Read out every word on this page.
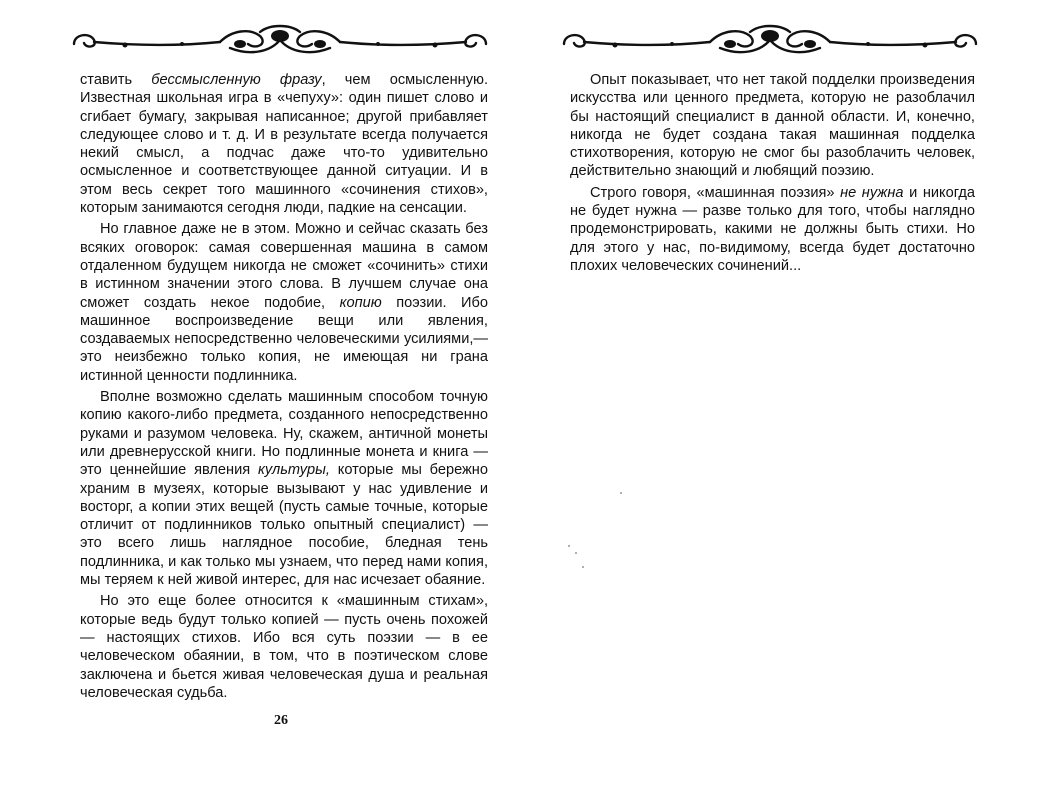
ставить бессмысленную фразу, чем осмысленную. Известная школьная игра в «чепуху»: один пишет слово и сгибает бумагу, закрывая написанное; другой прибавляет следующее слово и т. д. И в результате всегда получается некий смысл, а подчас даже что-то удивительно осмысленное и соответствующее данной ситуации. И в этом весь секрет того машинного «сочинения стихов», которым занимаются сегодня люди, падкие на сенсации.

Но главное даже не в этом. Можно и сейчас сказать без всяких оговорок: самая совершенная машина в самом отдаленном будущем никогда не сможет «сочинить» стихи в истинном значении этого слова. В лучшем случае она сможет создать некое подобие, копию поэзии. Ибо машинное воспроизведение вещи или явления, создаваемых непосредственно человеческими усилиями,— это неизбежно только копия, не имеющая ни грана истинной ценности подлинника.

Вполне возможно сделать машинным способом точную копию какого-либо предмета, созданного непосредственно руками и разумом человека. Ну, скажем, античной монеты или древнерусской книги. Но подлинные монета и книга — это ценнейшие явления культуры, которые мы бережно храним в музеях, которые вызывают у нас удивление и восторг, а копии этих вещей (пусть самые точные, которые отличит от подлинников только опытный специалист) — это всего лишь наглядное пособие, бледная тень подлинника, и как только мы узнаем, что перед нами копия, мы теряем к ней живой интерес, для нас исчезает обаяние.

Но это еще более относится к «машинным стихам», которые ведь будут только копией — пусть очень похожей — настоящих стихов. Ибо вся суть поэзии — в ее человеческом обаянии, в том, что в поэтическом слове заключена и бьется живая человеческая душа и реальная человеческая судьба.

26

Опыт показывает, что нет такой подделки произведения искусства или ценного предмета, которую не разоблачил бы настоящий специалист в данной области. И, конечно, никогда не будет создана такая машинная подделка стихотворения, которую не смог бы разоблачить человек, действительно знающий и любящий поэзию.

Строго говоря, «машинная поэзия» не нужна и никогда не будет нужна — разве только для того, чтобы наглядно продемонстрировать, какими не должны быть стихи. Но для этого у нас, по-видимому, всегда будет достаточно плохих человеческих сочинений...
